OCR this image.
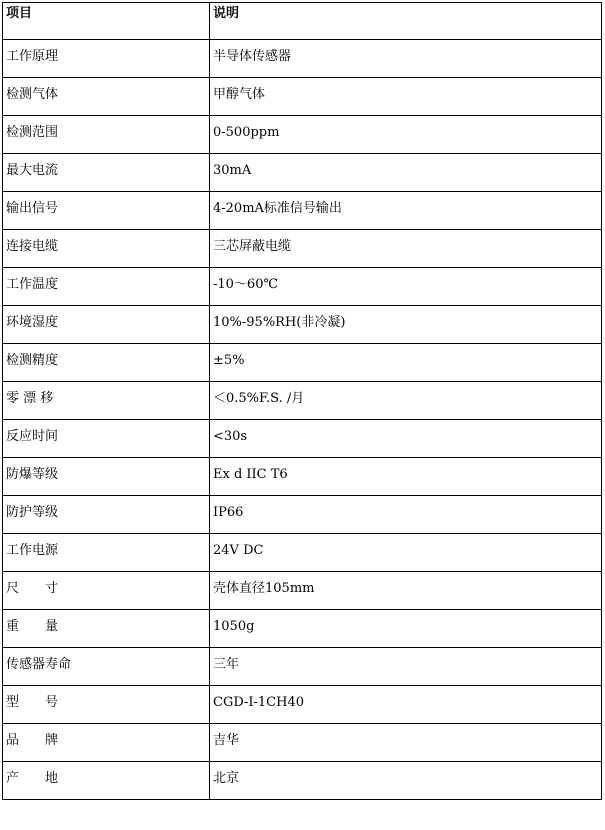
项目	说明
工作原理	半导体传感器
检测气体	甲醇气体
检测范围	0-500ppm
最大电流	30mA
输出信号	4-20mA标准信号输出
连接电缆	三芯屏蔽电缆
工作温度	-10～60℃
环境湿度	10%-95%RH(非冷凝)
检测精度	±5%
零 漂 移	＜0.5%F.S. /月
反应时间	<30s
防爆等级	Ex d IIC T6
防护等级	IP66
工作电源	24V DC
尺　　寸	壳体直径105mm
重　　量	1050g
传感器寿命	三年
型　　号	CGD-I-1CH40
品　　牌	吉华
产　　地	北京
